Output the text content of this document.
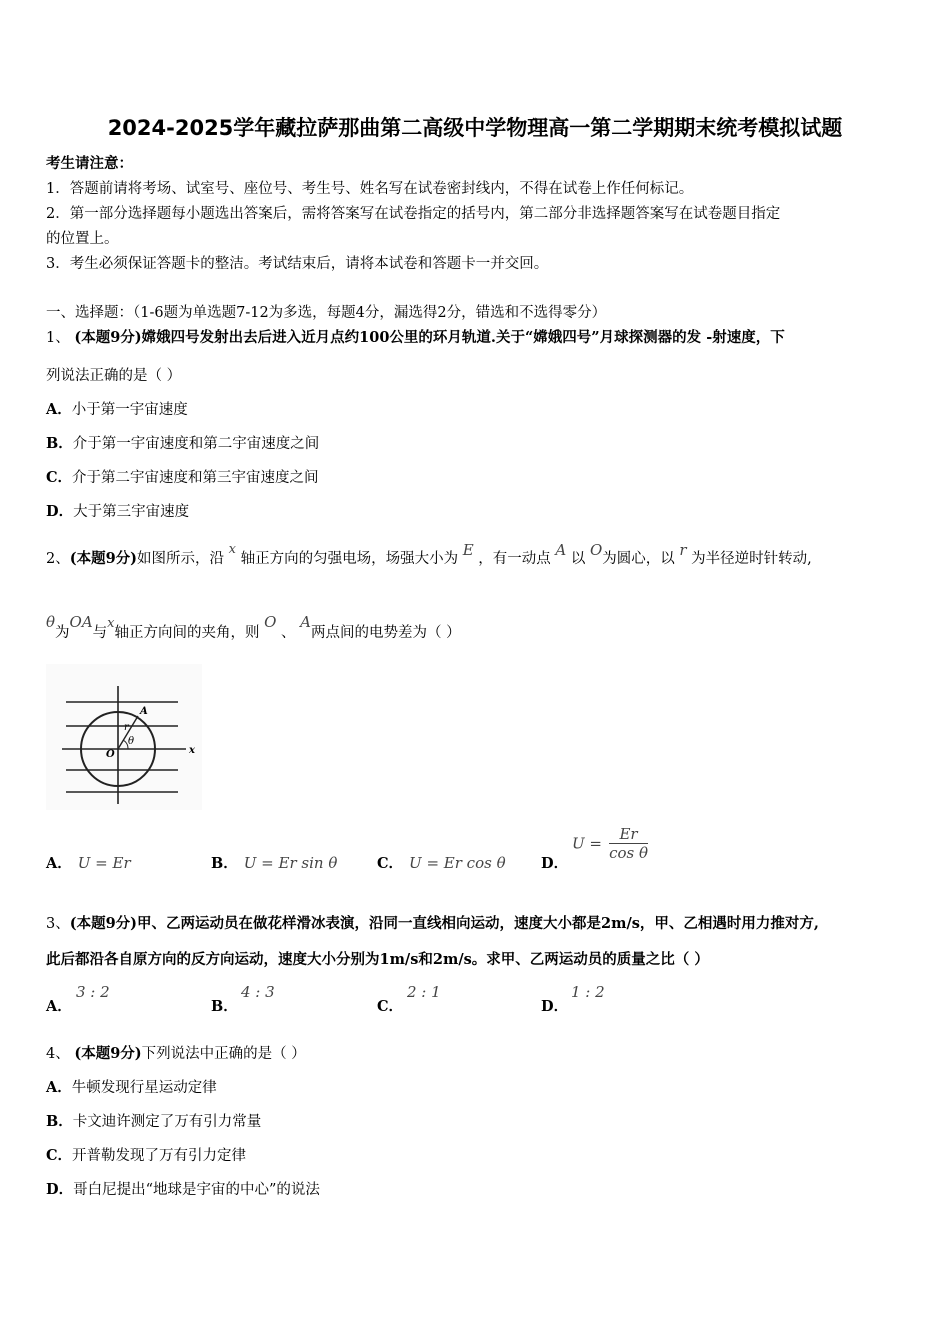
2024-2025学年藏拉萨那曲第二高级中学物理高一第二学期期末统考模拟试题
考生请注意：
1．答题前请将考场、试室号、座位号、考生号、姓名写在试卷密封线内，不得在试卷上作任何标记。
2．第一部分选择题每小题选出答案后，需将答案写在试卷指定的括号内，第二部分非选择题答案写在试卷题目指定
的位置上。
3．考生必须保证答题卡的整洁。考试结束后，请将本试卷和答题卡一并交回。
一、选择题：（1-6题为单选题7-12为多选，每题4分，漏选得2分，错选和不选得零分）
1、 (本题9分)嫦娥四号发射出去后进入近月点约100公里的环月轨道.关于“嫦娥四号”月球探测器的发 -射速度，下
列说法正确的是（ ）
A．小于第一宇宙速度
B．介于第一宇宙速度和第二宇宙速度之间
C．介于第二宇宙速度和第三宇宙速度之间
D．大于第三宇宙速度
2、(本题9分)如图所示，沿 x 轴正方向的匀强电场，场强大小为 E ，有一动点 A 以 O为圆心，以 r 为半径逆时针转动,
θ为OA与x轴正方向间的夹角，则 O 、 A两点间的电势差为（ ）
A
r
θ
O	x
A． U = Er	B． U = Er sin θ	C． U = Er cos θ D．
$U = \frac{Er}{\text{cos θ}}$
3、(本题9分)甲、乙两运动员在做花样滑冰表演，沿同一直线相向运动，速度大小都是2m/s，甲、乙相遇时用力推对方,
此后都沿各自原方向的反方向运动，速度大小分别为1m/s和2m/s。求甲、乙两运动员的质量之比（ ）
A．
3 : 2
B．
4 : 3
C．
2 : 1
D．
1 : 2
4、 (本题9分)下列说法中正确的是（ ）
A．牛顿发现行星运动定律
B．卡文迪许测定了万有引力常量
C．开普勒发现了万有引力定律
D．哥白尼提出“地球是宇宙的中心”的说法
